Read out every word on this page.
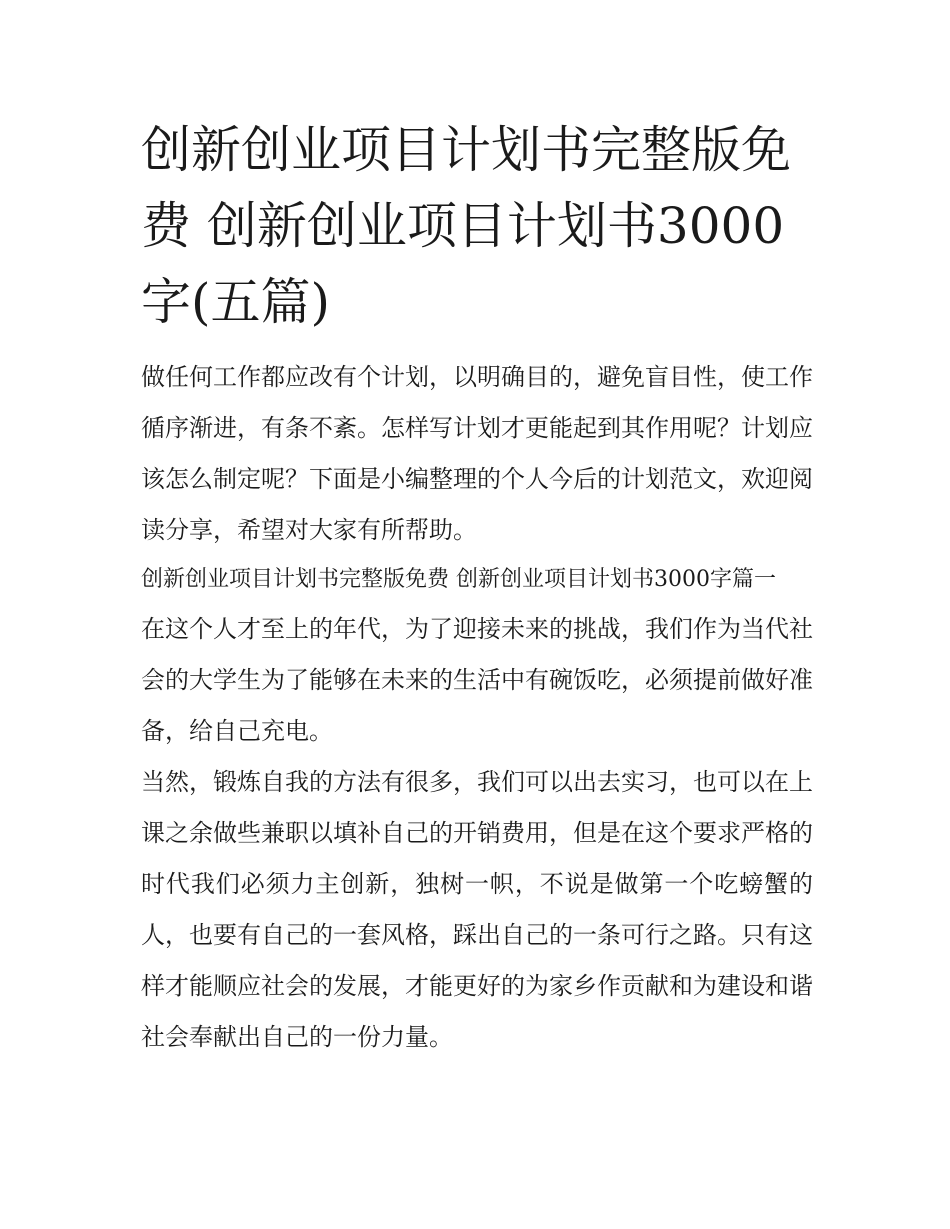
创新创业项目计划书完整版免费 创新创业项目计划书3000字(五篇)

做任何工作都应改有个计划，以明确目的，避免盲目性，使工作循序渐进，有条不紊。怎样写计划才更能起到其作用呢？计划应该怎么制定呢？下面是小编整理的个人今后的计划范文，欢迎阅读分享，希望对大家有所帮助。

创新创业项目计划书完整版免费 创新创业项目计划书3000字篇一

在这个人才至上的年代，为了迎接未来的挑战，我们作为当代社会的大学生为了能够在未来的生活中有碗饭吃，必须提前做好准备，给自己充电。

当然，锻炼自我的方法有很多，我们可以出去实习，也可以在上课之余做些兼职以填补自己的开销费用，但是在这个要求严格的时代我们必须力主创新，独树一帜，不说是做第一个吃螃蟹的人，也要有自己的一套风格，踩出自己的一条可行之路。只有这样才能顺应社会的发展，才能更好的为家乡作贡献和为建设和谐社会奉献出自己的一份力量。
